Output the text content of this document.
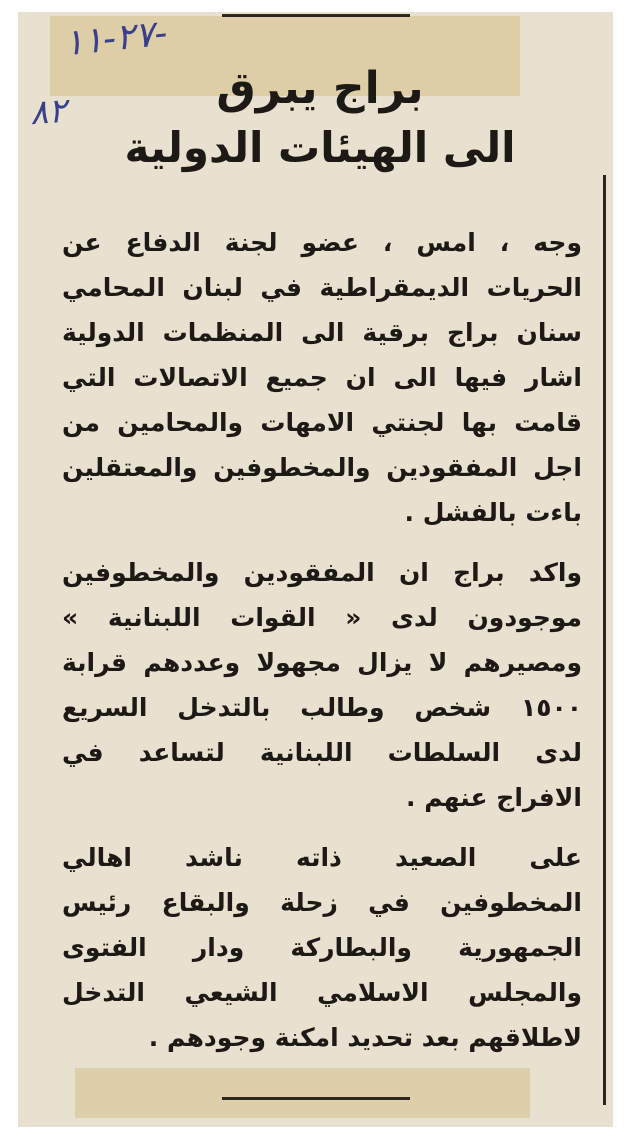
٢٧-١١-
٨٢	براج يبرق
الى الهيئات الدولية
وجه ، امس ، عضو لجنة الدفاع عن
الحريات الديمقراطية في لبنان المحامي
سنان براج برقية الى المنظمات الدولية
اشار فيها الى ان جميع الاتصالات التي
قامت بها لجنتي الامهات والمحامين من
اجل المفقودين والمخطوفين والمعتقلين
باءت بالفشل .
واكد براج ان المفقودين والمخطوفين
موجودون لدى « القوات اللبنانية »
ومصيرهم لا يزال مجهولا وعددهم قرابة
١٥٠٠ شخص وطالب بالتدخل السريع
لدى السلطات اللبنانية لتساعد في
الافراج عنهم .
على الصعيد ذاته ناشد اهالي
المخطوفين في زحلة والبقاع رئيس
الجمهورية والبطاركة ودار الفتوى
والمجلس الاسلامي الشيعي التدخل
لاطلاقهم بعد تحديد امكنة وجودهم .
